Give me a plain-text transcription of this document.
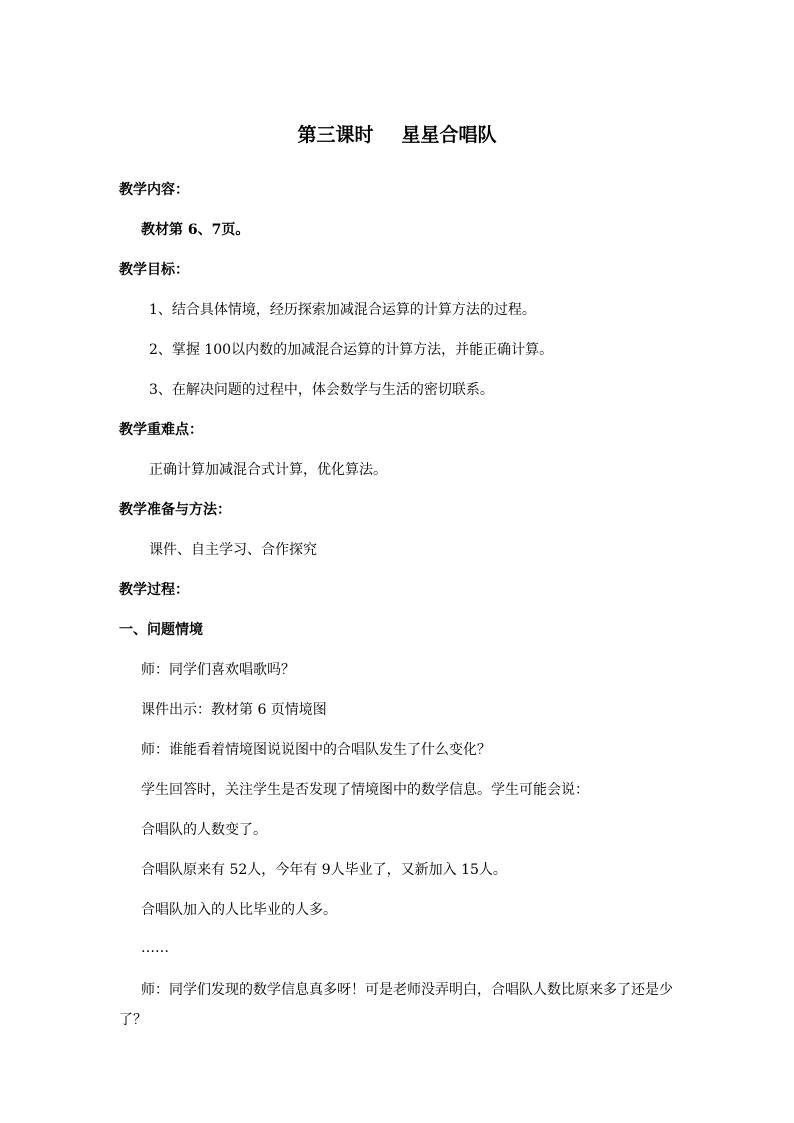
第三课时 星星合唱队
教学内容：
教材第 6、7页。
教学目标：
1、结合具体情境，经历探索加减混合运算的计算方法的过程。
2、掌握 100以内数的加减混合运算的计算方法，并能正确计算。
3、在解决问题的过程中，体会数学与生活的密切联系。
教学重难点：
正确计算加减混合式计算，优化算法。
教学准备与方法：
课件、自主学习、合作探究
教学过程：
一、问题情境
师：同学们喜欢唱歌吗？
课件出示：教材第 6 页情境图
师：谁能看着情境图说说图中的合唱队发生了什么变化？
学生回答时，关注学生是否发现了情境图中的数学信息。学生可能会说：
合唱队的人数变了。
合唱队原来有 52人，今年有 9人毕业了，又新加入 15人。
合唱队加入的人比毕业的人多。
……
师：同学们发现的数学信息真多呀！可是老师没弄明白，合唱队人数比原来多了还是少了？
